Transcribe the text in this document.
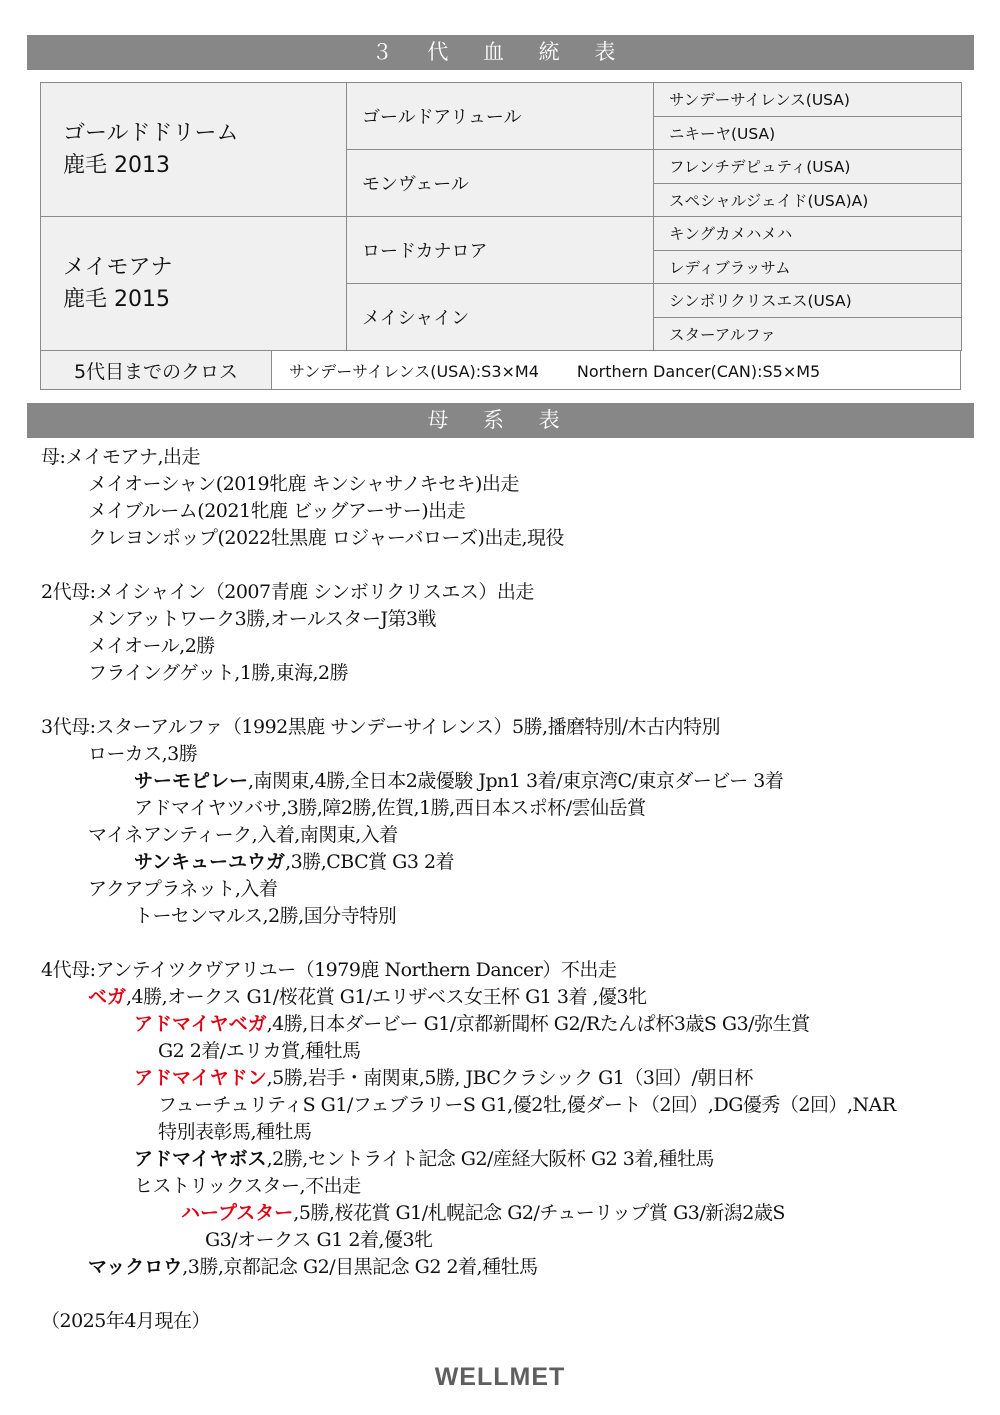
３ 代 血 統 表
ゴールドドリーム
鹿毛 2013	ゴールドアリュール	サンデーサイレンス(USA)
		ニキーヤ(USA)
	モンヴェール	フレンチデピュティ(USA)
		スペシャルジェイド(USA)A)

メイモアナ
鹿毛 2015	ロードカナロア	キングカメハメハ
		レディブラッサム
	メイシャイン	シンボリクリスエス(USA)
		スターアルファ
5代目までのクロス	サンデーサイレンス(USA):S3×M4 Northern Dancer(CAN):S5×M5
母 系 表
母:メイモアナ,出走
メイオーシャン(2019牝鹿 キンシャサノキセキ)出走
メイブルーム(2021牝鹿 ビッグアーサー)出走
クレヨンポップ(2022牡黒鹿 ロジャーバローズ)出走,現役
2代母:メイシャイン（2007青鹿 シンボリクリスエス）出走
メンアットワーク3勝,オールスターJ第3戦
メイオール,2勝
フライングゲット,1勝,東海,2勝
3代母:スターアルファ（1992黒鹿 サンデーサイレンス）5勝,播磨特別/木古内特別
ローカス,3勝
サーモピレー,南関東,4勝,全日本2歳優駿 Jpn1 3着/東京湾C/東京ダービー 3着
アドマイヤツバサ,3勝,障2勝,佐賀,1勝,西日本スポ杯/雲仙岳賞
マイネアンティーク,入着,南関東,入着
サンキューユウガ,3勝,CBC賞 G3 2着
アクアプラネット,入着
トーセンマルス,2勝,国分寺特別
4代母:アンテイツクヴアリユー（1979鹿 Northern Dancer）不出走
ベガ,4勝,オークス G1/桜花賞 G1/エリザベス女王杯 G1 3着 ,優3牝
アドマイヤベガ,4勝,日本ダービー G1/京都新聞杯 G2/Rたんぱ杯3歳S G3/弥生賞
G2 2着/エリカ賞,種牡馬
アドマイヤドン,5勝,岩手・南関東,5勝, JBCクラシック G1（3回）/朝日杯
フューチュリティS G1/フェブラリーS G1,優2牡,優ダート（2回）,DG優秀（2回）,NAR
特別表彰馬,種牡馬
アドマイヤボス,2勝,セントライト記念 G2/産経大阪杯 G2 3着,種牡馬
ヒストリックスター,不出走
ハープスター,5勝,桜花賞 G1/札幌記念 G2/チューリップ賞 G3/新潟2歳S
G3/オークス G1 2着,優3牝
マックロウ,3勝,京都記念 G2/目黒記念 G2 2着,種牡馬
（2025年4月現在）
WELLMET
